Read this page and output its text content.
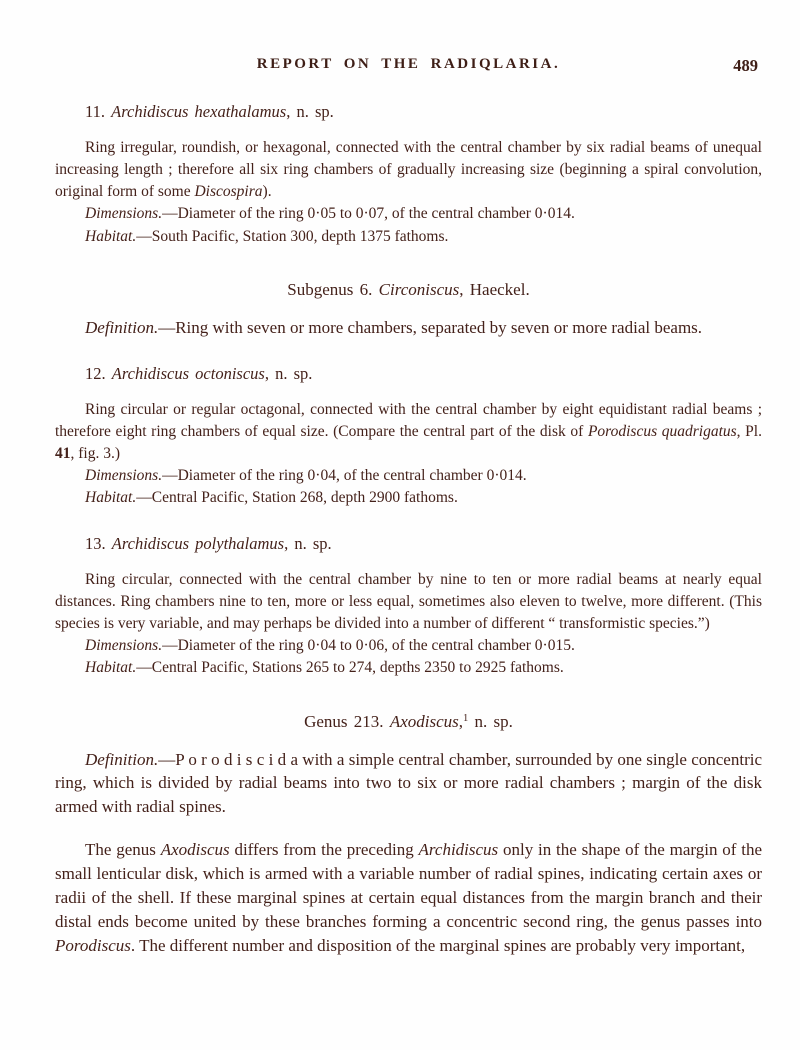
REPORT ON THE RADIQLARIA.	489
11. Archidiscus hexathalamus, n. sp.

Ring irregular, roundish, or hexagonal, connected with the central chamber by six radial beams of unequal increasing length ; therefore all six ring chambers of gradually increasing size (beginning a spiral convolution, original form of some Discospira).

Dimensions.—Diameter of the ring 0·05 to 0·07, of the central chamber 0·014.

Habitat.—South Pacific, Station 300, depth 1375 fathoms.

Subgenus 6. Circoniscus, Haeckel.

Definition.—Ring with seven or more chambers, separated by seven or more radial beams.

12. Archidiscus octoniscus, n. sp.

Ring circular or regular octagonal, connected with the central chamber by eight equidistant radial beams ; therefore eight ring chambers of equal size. (Compare the central part of the disk of Porodiscus quadrigatus, Pl. 41, fig. 3.)

Dimensions.—Diameter of the ring 0·04, of the central chamber 0·014.

Habitat.—Central Pacific, Station 268, depth 2900 fathoms.

13. Archidiscus polythalamus, n. sp.

Ring circular, connected with the central chamber by nine to ten or more radial beams at nearly equal distances. Ring chambers nine to ten, more or less equal, sometimes also eleven to twelve, more different. (This species is very variable, and may perhaps be divided into a number of different “ transformistic species.”)

Dimensions.—Diameter of the ring 0·04 to 0·06, of the central chamber 0·015.

Habitat.—Central Pacific, Stations 265 to 274, depths 2350 to 2925 fathoms.

Genus 213. Axodiscus,$^1$ n. sp.

Definition.—P o r o d i s c i d a with a simple central chamber, surrounded by one single concentric ring, which is divided by radial beams into two to six or more radial chambers ; margin of the disk armed with radial spines.

The genus Axodiscus differs from the preceding Archidiscus only in the shape of the margin of the small lenticular disk, which is armed with a variable number of radial spines, indicating certain axes or radii of the shell. If these marginal spines at certain equal distances from the margin branch and their distal ends become united by these branches forming a concentric second ring, the genus passes into Porodiscus. The different number and disposition of the marginal spines are probably very important,
